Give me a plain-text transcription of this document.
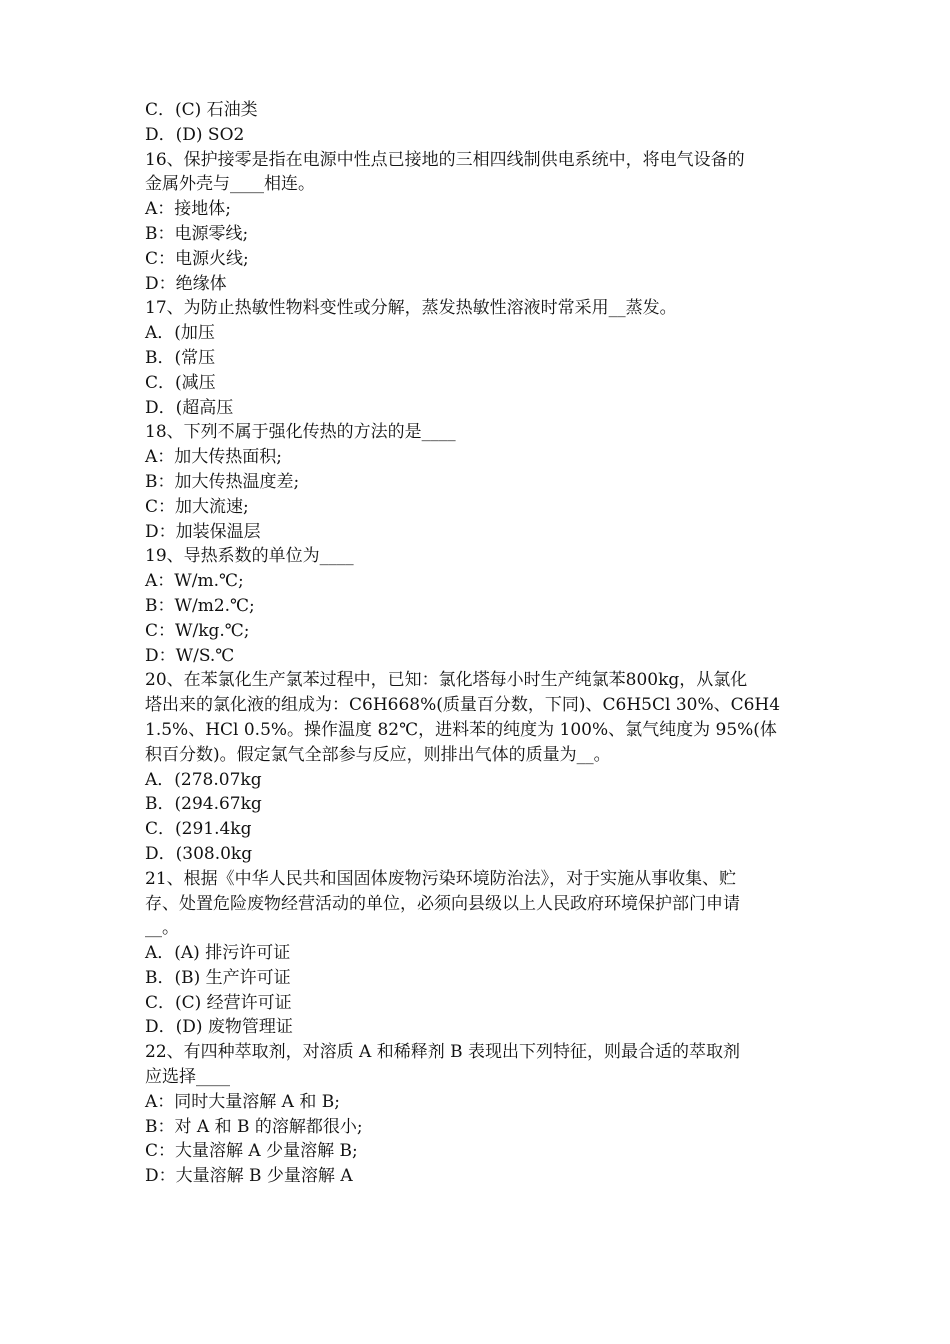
C．(C) 石油类
D．(D) SO2
16、保护接零是指在电源中性点已接地的三相四线制供电系统中，将电气设备的
金属外壳与____相连。
A：接地体;
B：电源零线;
C：电源火线;
D：绝缘体
17、为防止热敏性物料变性或分解，蒸发热敏性溶液时常采用__蒸发。
A．(加压
B．(常压
C．(减压
D．(超高压
18、下列不属于强化传热的方法的是____
A：加大传热面积;
B：加大传热温度差;
C：加大流速;
D：加装保温层
19、导热系数的单位为____
A：W/m.℃;
B：W/m2.℃;
C：W/kg.℃;
D：W/S.℃
20、在苯氯化生产氯苯过程中，已知：氯化塔每小时生产纯氯苯800kg，从氯化
塔出来的氯化液的组成为：C6H668%(质量百分数，下同)、C6H5Cl 30%、C6H4
1.5%、HCl 0.5%。操作温度 82℃，进料苯的纯度为 100%、氯气纯度为 95%(体
积百分数)。假定氯气全部参与反应，则排出气体的质量为__。
A．(278.07kg
B．(294.67kg
C．(291.4kg
D．(308.0kg
21、根据《中华人民共和国固体废物污染环境防治法》，对于实施从事收集、贮
存、处置危险废物经营活动的单位，必须向县级以上人民政府环境保护部门申请
__。
A．(A) 排污许可证
B．(B) 生产许可证
C．(C) 经营许可证
D．(D) 废物管理证
22、有四种萃取剂，对溶质 A 和稀释剂 B 表现出下列特征，则最合适的萃取剂
应选择____
A：同时大量溶解 A 和 B;
B：对 A 和 B 的溶解都很小;
C：大量溶解 A 少量溶解 B;
D：大量溶解 B 少量溶解 A
